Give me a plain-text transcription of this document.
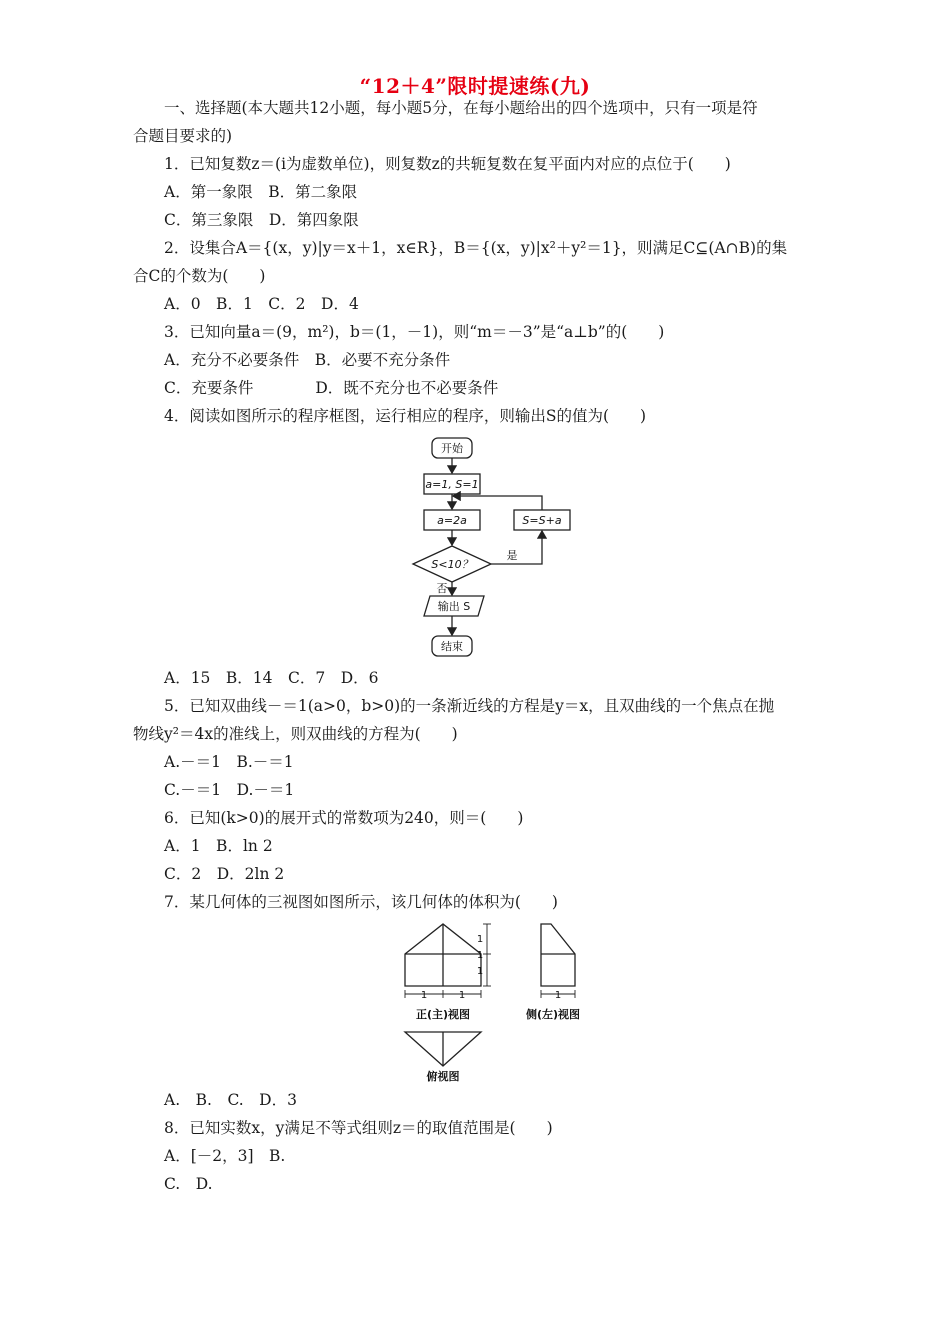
“12＋4”限时提速练(九)
一、选择题(本大题共12小题，每小题5分，在每小题给出的四个选项中，只有一项是符
合题目要求的)
1．已知复数z＝(i为虚数单位)，则复数z的共轭复数在复平面内对应的点位于(　　)
A．第一象限　B．第二象限
C．第三象限　D．第四象限
2．设集合A＝{(x，y)|y＝x＋1，x∈R}，B＝{(x，y)|x²＋y²＝1}，则满足C⊆(A∩B)的集
合C的个数为(　　)
A．0　B．1　C．2　D．4
3．已知向量a＝(9，m²)，b＝(1，－1)，则“m＝－3”是“a⊥b”的(　　)
A．充分不必要条件　B．必要不充分条件
C．充要条件　　　　D．既不充分也不必要条件
4．阅读如图所示的程序框图，运行相应的程序，则输出S的值为(　　)
开始
a=1, S=1
a=2a	S=S+a
S<10？
是
否
输出 S
结束
A．15　B．14　C．7　D．6
5．已知双曲线－＝1(a>0，b>0)的一条渐近线的方程是y＝x，且双曲线的一个焦点在抛
物线y²＝4x的准线上，则双曲线的方程为(　　)
A.－＝1　B.－＝1
C.－＝1　D.－＝1
6．已知(k>0)的展开式的常数项为240，则＝(　　)
A．1　B．ln 2
C．2　D．2ln 2
7．某几何体的三视图如图所示，该几何体的体积为(　　)
1	1
1
1
1
1
正(主)视图	侧(左)视图
俯视图
A.　B.　C.　D．3
8．已知实数x，y满足不等式组则z＝的取值范围是(　　)
A．[－2，3]　B.
C.　D.
